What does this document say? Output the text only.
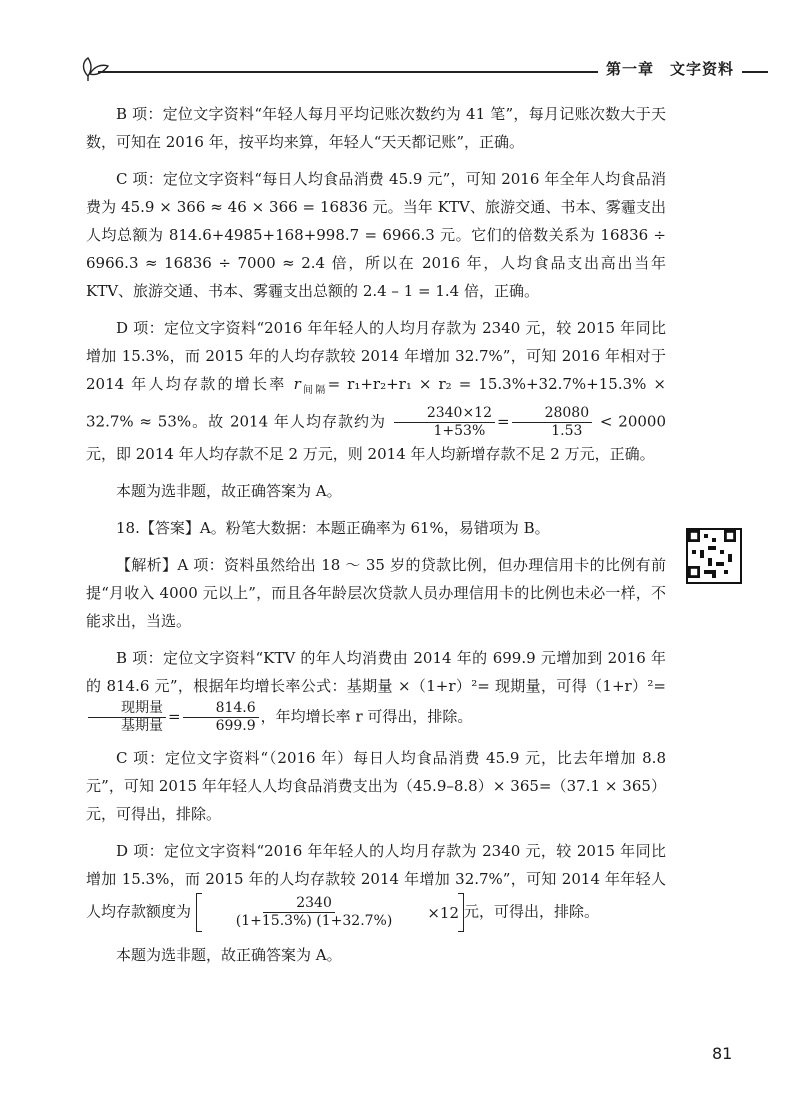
第一章　文字资料

B 项：定位文字资料“年轻人每月平均记账次数约为 41 笔”，每月记账次数大于天数，可知在 2016 年，按平均来算，年轻人“天天都记账”，正确。

C 项：定位文字资料“每日人均食品消费 45.9 元”，可知 2016 年全年人均食品消费为 45.9 × 366 ≈ 46 × 366 = 16836 元。当年 KTV、旅游交通、书本、雾霾支出人均总额为 814.6+4985+168+998.7 = 6966.3 元。它们的倍数关系为 16836 ÷ 6966.3 ≈ 16836 ÷ 7000 ≈ 2.4 倍，所以在 2016 年，人均食品支出高出当年 KTV、旅游交通、书本、雾霾支出总额的 2.4 – 1 = 1.4 倍，正确。

D 项：定位文字资料“2016 年年轻人的人均月存款为 2340 元，较 2015 年同比增加 15.3%，而 2015 年的人均存款较 2014 年增加 32.7%”，可知 2016 年相对于 2014 年人均存款的增长率 $r_{间隔}= r_1+r_2+r_1 \times r_2 = 15.3\%+32.7\%+15.3\% \times 32.7\% \approx 53\%$。故 2014 年人均存款约为 $\frac{2340\times 12}{1+53\%} = \frac{28080}{1.53} < 20000$ 元，即 2014 年人均存款不足 2 万元，则 2014 年人均新增存款不足 2 万元，正确。

本题为选非题，故正确答案为 A。

18.【答案】A。粉笔大数据：本题正确率为 61%，易错项为 B。

【解析】A 项：资料虽然给出 18 ～ 35 岁的贷款比例，但办理信用卡的比例有前提“月收入 4000 元以上”，而且各年龄层次贷款人员办理信用卡的比例也未必一样，不能求出，当选。

B 项：定位文字资料“KTV 的年人均消费由 2014 年的 699.9 元增加到 2016 年的 814.6 元”，根据年均增长率公式：基期量 ×（1+r）²= 现期量，可得（1+r）²=
$\frac{\text{现期量}}{\text{基期量}} = \frac{814.6}{699.9}$ ，年均增长率 r 可得出，排除。

C 项：定位文字资料“（2016 年）每日人均食品消费 45.9 元，比去年增加 8.8 元”，可知 2015 年年轻人人均食品消费支出为（45.9–8.8）× 365=（37.1 × 365）元，可得出，排除。

D 项：定位文字资料“2016 年年轻人的人均月存款为 2340 元，较 2015 年同比增加 15.3%，而 2015 年的人均存款较 2014 年增加 32.7%”，可知 2014 年年轻人人均存款额度为 $\frac{2340}{(1+15.3\%) (1+32.7\%)}$	×12 元，可得出，排除。

本题为选非题，故正确答案为 A。

81
